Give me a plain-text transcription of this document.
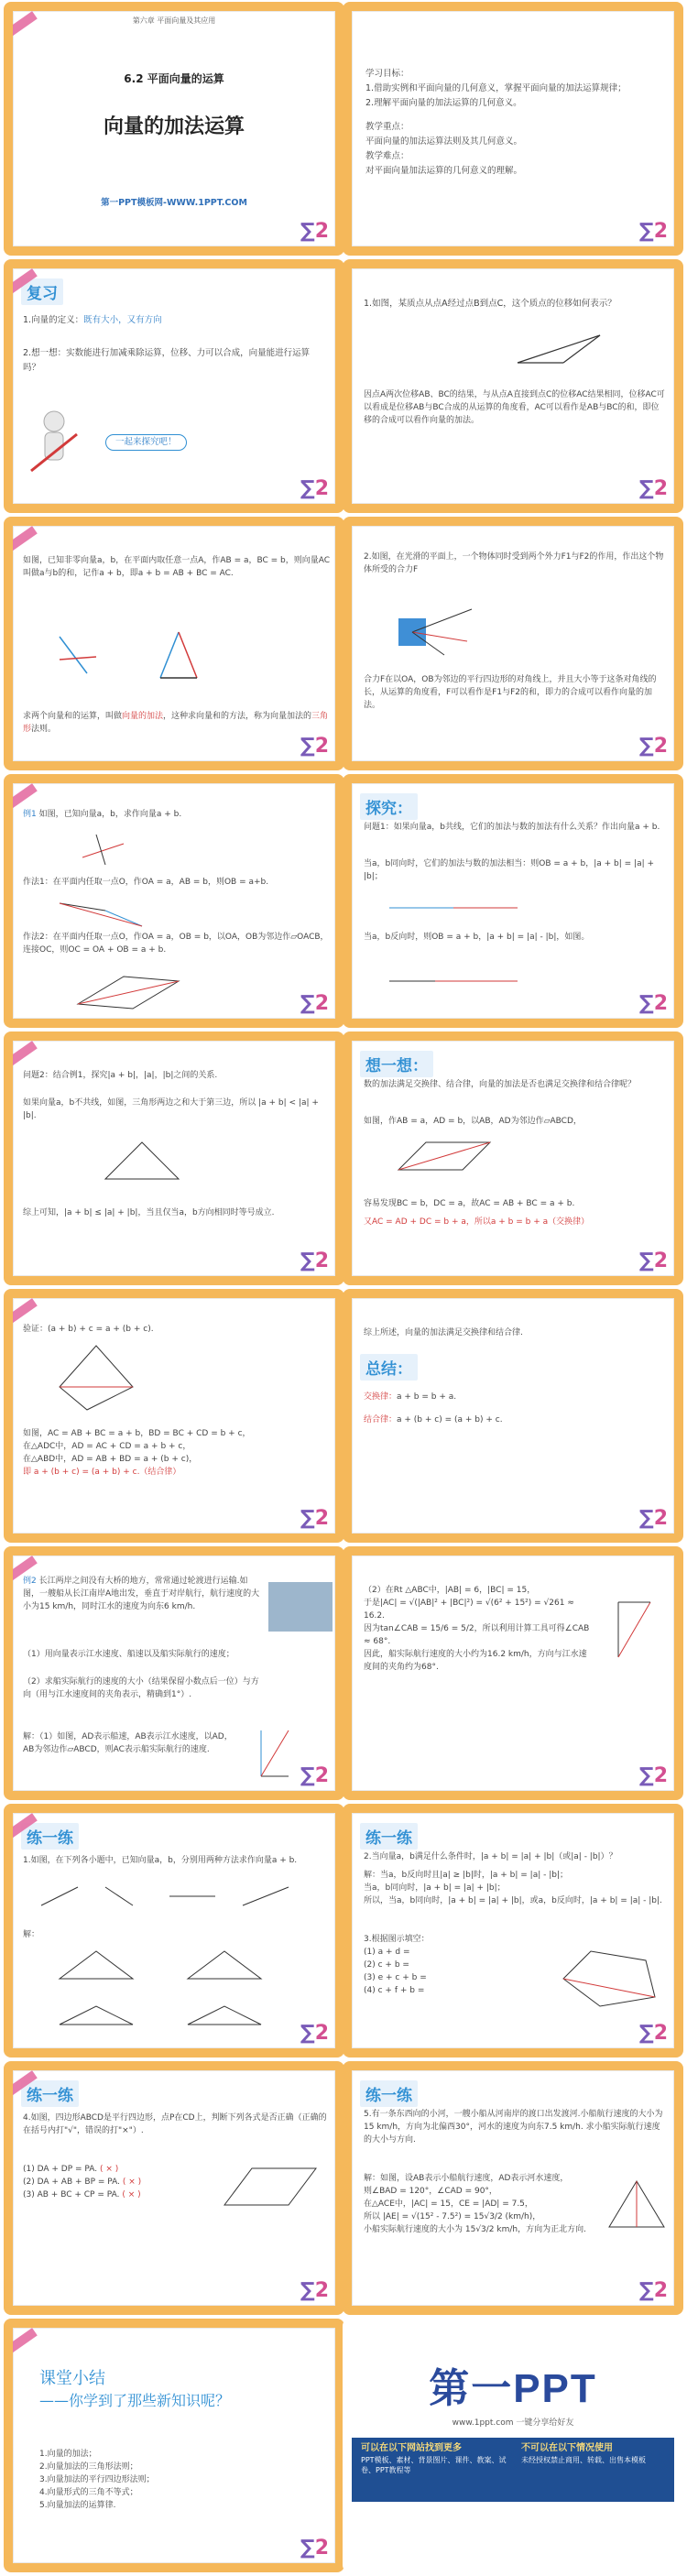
第六章 平面向量及其应用
6.2 平面向量的运算
向量的加法运算
第一PPT模板网-WWW.1PPT.COM
∑2
学习目标：
1.借助实例和平面向量的几何意义，掌握平面向量的加法运算规律；
2.理解平面向量的加法运算的几何意义。
教学重点：
平面向量的加法运算法则及其几何意义。
教学难点：
对平面向量加法运算的几何意义的理解。
∑2
复习
1.向量的定义：既有大小，又有方向
2.想一想：实数能进行加减乘除运算，位移、力可以合成，向量能进行运算吗？
一起来探究吧！
∑2
1.如图，某质点从点A经过点B到点C，这个质点的位移如何表示？
因点A两次位移AB、BC的结果，与从点A直接到点C的位移AC结果相同，位移AC可以看成是位移AB与BC合成的从运算的角度看，AC可以看作是AB与BC的和，即位移的合成可以看作向量的加法。
∑2
如图，已知非零向量a，b，在平面内取任意一点A，作AB = a，BC = b，则向量AC叫做a与b的和，记作a + b，即a + b = AB + BC = AC.
求两个向量和的运算，叫做向量的加法，这种求向量和的方法，称为向量加法的三角形法则。
∑2
2.如图，在光滑的平面上，一个物体同时受到两个外力F1与F2的作用，作出这个物体所受的合力F
合力F在以OA，OB为邻边的平行四边形的对角线上，并且大小等于这条对角线的长，从运算的角度看，F可以看作是F1与F2的和，即力的合成可以看作向量的加法。
∑2
例1 如图，已知向量a，b，求作向量a + b.
作法1：在平面内任取一点O，作OA = a，AB = b，则OB = a+b.
作法2：在平面内任取一点O，作OA = a，OB = b，以OA，OB为邻边作▱OACB，连接OC，则OC = OA + OB = a + b.
∑2
探究：
问题1：如果向量a，b共线，它们的加法与数的加法有什么关系？作出向量a + b.
当a，b同向时，它们的加法与数的加法相当：则OB = a + b，|a + b| = |a| + |b|；
当a，b反向时，则OB = a + b，|a + b| = |a| - |b|，如图。
∑2
问题2：结合例1，探究|a + b|，|a|，|b|之间的关系.
如果向量a，b不共线，如图，三角形两边之和大于第三边，所以 |a + b| < |a| + |b|.
综上可知，|a + b| ≤ |a| + |b|，当且仅当a，b方向相同时等号成立.
∑2
想一想：
数的加法满足交换律、结合律，向量的加法是否也满足交换律和结合律呢？
如图，作AB = a，AD = b，以AB，AD为邻边作▱ABCD，
容易发现BC = b，DC = a，故AC = AB + BC = a + b.
又AC = AD + DC = b + a，所以a + b = b + a（交换律）
∑2
验证：(a + b) + c = a + (b + c).
如图，AC = AB + BC = a + b，BD = BC + CD = b + c，
在△ADC中，AD = AC + CD = a + b + c，
在△ABD中，AD = AB + BD = a + (b + c)，
即 a + (b + c) = (a + b) + c.（结合律）
∑2
综上所述，向量的加法满足交换律和结合律.
总结：
交换律：a + b = b + a.
结合律：a + (b + c) = (a + b) + c.
∑2
例2 长江两岸之间没有大桥的地方，常常通过轮渡进行运输.如图，一艘船从长江南岸A地出发，垂直于对岸航行，航行速度的大小为15 km/h，同时江水的速度为向东6 km/h.
（1）用向量表示江水速度、船速以及船实际航行的速度；
（2）求船实际航行的速度的大小（结果保留小数点后一位）与方向（用与江水速度间的夹角表示，精确到1°）.
解：（1）如图，AD表示船速，AB表示江水速度，以AD，AB为邻边作▱ABCD，则AC表示船实际航行的速度.
∑2
（2）在Rt △ABC中，|AB| = 6，|BC| = 15，
于是|AC| = √(|AB|² + |BC|²) = √(6² + 15²) = √261 ≈ 16.2.
因为tan∠CAB = 15/6 = 5/2，所以利用计算工具可得∠CAB ≈ 68°.
因此，船实际航行速度的大小约为16.2 km/h，方向与江水速度间的夹角约为68°.
∑2
练一练
1.如图，在下列各小题中，已知向量a，b，分别用两种方法求作向量a + b.
解：
∑2
练一练
2.当向量a，b满足什么条件时，|a + b| = |a| + |b|（或|a| - |b|）？
解：当a，b反向时且|a| ≥ |b|时，|a + b| = |a| - |b|；
当a，b同向时，|a + b| = |a| + |b|；
所以，当a，b同向时，|a + b| = |a| + |b|，或a，b反向时，|a + b| = |a| - |b|.
3.根据图示填空：
(1) a + d =
(2) c + b =
(3) e + c + b =
(4) c + f + b =
∑2
练一练
4.如图，四边形ABCD是平行四边形，点P在CD上，判断下列各式是否正确（正确的在括号内打"√"，错误的打"×"）.
(1) DA + DP = PA. ( × )
(2) DA + AB + BP = PA. ( × )
(3) AB + BC + CP = PA. ( × )
∑2
练一练
5.有一条东西向的小河，一艘小船从河南岸的渡口出发渡河.小船航行速度的大小为15 km/h，方向为北偏西30°，河水的速度为向东7.5 km/h. 求小船实际航行速度的大小与方向.
解：如图，设AB表示小船航行速度，AD表示河水速度，
则∠BAD = 120°，∠CAD = 90°，
在△ACE中，|AC| = 15，CE = |AD| = 7.5，
所以 |AE| = √(15² - 7.5²) = 15√3/2 (km/h)，
小船实际航行速度的大小为 15√3/2 km/h，方向为正北方向.
∑2
课堂小结
——你学到了那些新知识呢？
1.向量的加法；
2.向量加法的三角形法则；
3.向量加法的平行四边形法则；
4.向量形式的三角不等式；
5.向量加法的运算律.
∑2
第一PPT
www.1ppt.com 一键分享给好友
可以在以下网站找到更多
PPT模板、素材、背景图片、课件、教案、试卷、PPT教程等
不可以在以下情况使用
未经授权禁止商用、转载、出售本模板
